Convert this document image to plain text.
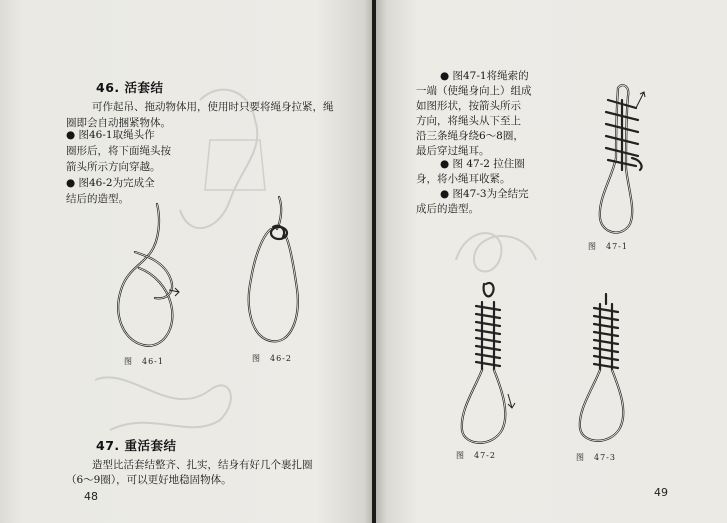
46. 活套结
可作起吊、拖动物体用，使用时只要将绳身拉紧，绳
圈即会自动捆紧物体。
● 图46-1取绳头作
圈形后，将下面绳头按
箭头所示方向穿越。
● 图46-2为完成全
结后的造型。
图　46-1	图　46-2
47. 重活套结
造型比活套结整齐、扎实，结身有好几个裹扎圈
（6～9圈），可以更好地稳固物体。
48
● 图47-1将绳索的
一端（使绳身向上）组成
如图形状，按箭头所示
方向，将绳头从下至上
沿三条绳身绕6～8圈，
最后穿过绳耳。
● 图 47-2 拉住圈
身，将小绳耳收紧。
● 图47-3为全结完
成后的造型。
图　47-1
图　47-2	图　47-3
49
